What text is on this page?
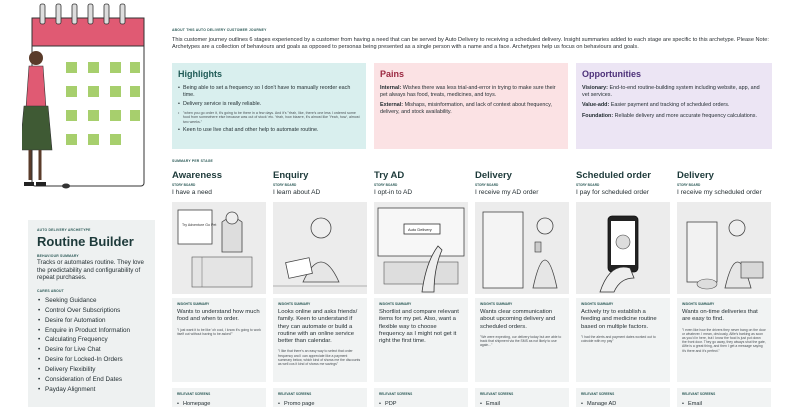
AUTO DELIVERY ARCHETYPE
Routine Builder
BEHAVIOUR SUMMARY
Tracks or automates routine. They love the predictability and configurability of repeat purchases.
CARES ABOUT
• Seeking Guidance
• Control Over Subscriptions
• Desire for Automation
• Enquire in Product Information
• Calculating Frequency
• Desire for Live Chat
• Desire for Locked-In Orders
• Delivery Flexibility
• Consideration of End Dates
• Payday Alignment
ABOUT THIS AUTO DELIVERY CUSTOMER JOURNEY
This customer journey outlines 6 stages experienced by a customer from having a need that can be served by Auto Delivery to receiving a scheduled delivery. Insight summaries added to each stage are specific to this archetype. Please Note: Archetypes are a collection of behaviours and goals as opposed to personas being presented as a single person with a name and a face. Archetypes help us focus on behaviours and goals.
Highlights
• Being able to set a frequency so I don't have to manually reorder each time.
• Delivery service is really reliable.
• "when you go order it, it's going to be there in a few days. And it's 'Yeah, like, there's one less I ordered some food from somewhere else because was out of stock' etc. Yeah, how bizarre, it's almost like 'Yeah, how', almost two weeks."
• Keen to use live chat and other help to automate routine.
Pains

Internal: Wishes there was less trial-and-error in trying to make sure their pet always has food, treats, medicines, and toys.

External: Mishaps, misinformation, and lack of context about frequency, delivery, and stock availability.

Opportunities

Visionary: End-to-end routine-building system including website, app, and vet services.

Value-add: Easier payment and tracking of scheduled orders.

Foundation: Reliable delivery and more accurate frequency calculations.

SUMMARY PER STAGE
Awareness
STORY BOARD
I have a need
Try Adventure Go Pet
INSIGHTS SUMMARY
Wants to understand how much food and when to order.
"I just want it to be like 'oh cool, I know it's going to work itself out without having to be asked'"
RELEVANT SCREENS
• Homepage
Enquiry
STORY BOARD
I learn about AD
INSIGHTS SUMMARY
Looks online and asks friends/ family. Keen to understand if they can automate or build a routine with an online service better than calendar.
"I like that there's an easy way to select that order frequency and I can appreciate like a payment summary below, which kind of shows me the discounts as well cos it kind of shows me savings"
RELEVANT SCREENS
• Promo page
Try AD
STORY BOARD
I opt-in to AD
Auto Delivery
INSIGHTS SUMMARY
Shortlist and compare relevant items for my pet. Also, want a flexible way to choose frequency as I might not get it right the first time.
RELEVANT SCREENS
• PDP
Delivery
STORY BOARD
I receive my AD order
INSIGHTS SUMMARY
Wants clear communication about upcoming delivery and scheduled orders.
"We were expecting, our delivery today but are able to track that shipment via the SMS as not likely to use again..."
RELEVANT SCREENS
• Email
Scheduled order
STORY BOARD
I pay for scheduled order
INSIGHTS SUMMARY
Actively try to establish a feeding and medicine routine based on multiple factors.
"I had the alerts and payment dates worked out to coincide with my pay"
RELEVANT SCREENS
• Manage AD
Delivery
STORY BOARD
I receive my scheduled order
INSIGHTS SUMMARY
Wants on-time deliveries that are easy to find.
"I even like how the drivers they never bang on the door or whatever. I mean, obviously, Alfie's barking as soon as you'd in here, but I know the food is just put down the front door. They go away, they always shut the gate, Alfie is a great thing, and then I get a message saying it's there and it's perfect."
RELEVANT SCREENS
• Email
